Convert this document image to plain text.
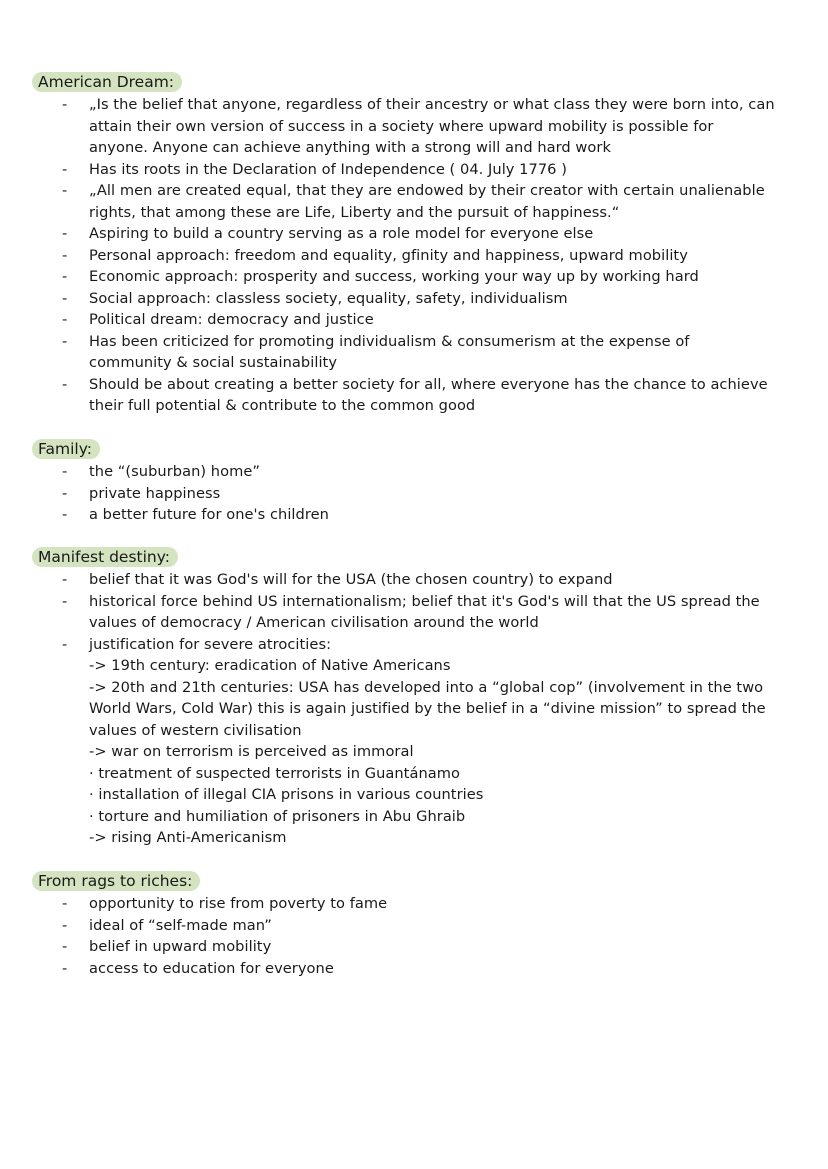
American Dream:
- „Is the belief that anyone, regardless of their ancestry or what class they were born into, can
attain their own version of success in a society where upward mobility is possible for
anyone. Anyone can achieve anything with a strong will and hard work
- Has its roots in the Declaration of Independence ( 04. July 1776 )
- „All men are created equal, that they are endowed by their creator with certain unalienable
rights, that among these are Life, Liberty and the pursuit of happiness.“
- Aspiring to build a country serving as a role model for everyone else
- Personal approach: freedom and equality, gfinity and happiness, upward mobility
- Economic approach: prosperity and success, working your way up by working hard
- Social approach: classless society, equality, safety, individualism
- Political dream: democracy and justice
- Has been criticized for promoting individualism & consumerism at the expense of
community & social sustainability
- Should be about creating a better society for all, where everyone has the chance to achieve
their full potential & contribute to the common good
Family:
- the “(suburban) home”
- private happiness
- a better future for one's children
Manifest destiny:
- belief that it was God's will for the USA (the chosen country) to expand
- historical force behind US internationalism; belief that it's God's will that the US spread the
values of democracy / American civilisation around the world
- justification for severe atrocities:
-> 19th century: eradication of Native Americans
-> 20th and 21th centuries: USA has developed into a “global cop” (involvement in the two
World Wars, Cold War) this is again justified by the belief in a “divine mission” to spread the
values of western civilisation
-> war on terrorism is perceived as immoral
· treatment of suspected terrorists in Guantánamo
· installation of illegal CIA prisons in various countries
· torture and humiliation of prisoners in Abu Ghraib
-> rising Anti-Americanism
From rags to riches:
- opportunity to rise from poverty to fame
- ideal of “self-made man”
- belief in upward mobility
- access to education for everyone
